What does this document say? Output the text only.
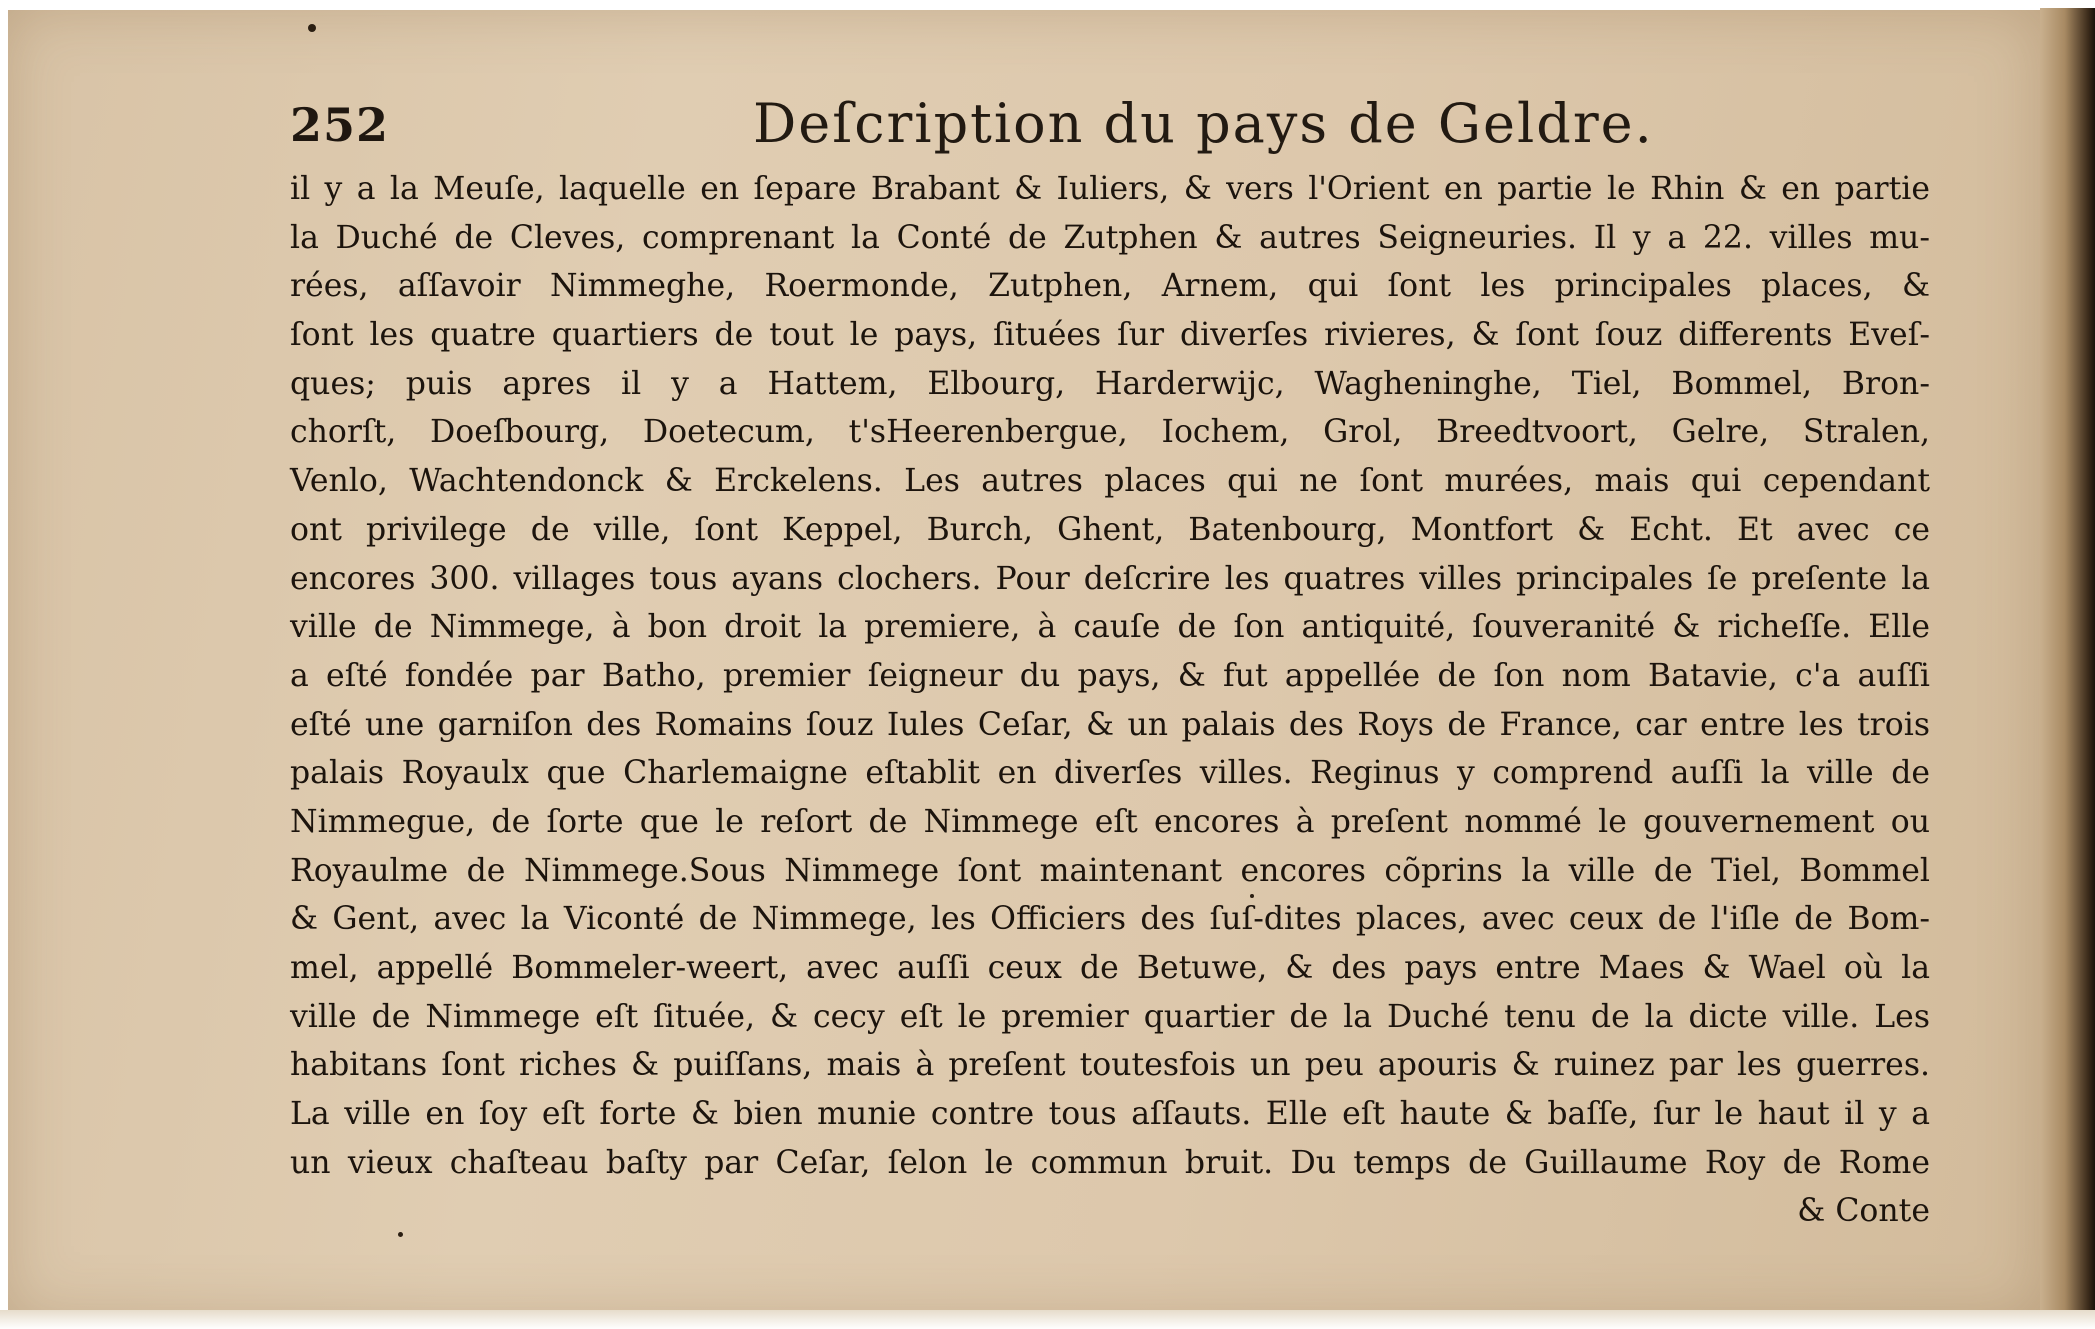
252	Deſcription du pays de Geldre.
il y a la Meuſe, laquelle en ſepare Brabant & Iuliers, & vers l'Orient en partie le Rhin & en partie
la Duché de Cleves, comprenant la Conté de Zutphen & autres Seigneuries. Il y a 22. villes mu-
rées, aſſavoir Nimmeghe, Roermonde, Zutphen, Arnem, qui ſont les principales places, &
ſont les quatre quartiers de tout le pays, ſituées ſur diverſes rivieres, & ſont ſouz differents Eveſ-
ques; puis apres il y a Hattem, Elbourg, Harderwijc, Waghеninghe, Tiel, Bommel, Bron-
chorſt, Doeſbourg, Doetecum, t'sHeerenbergue, Iochem, Grol, Breedtvoort, Gelre, Stralen,
Venlo, Wachtendonck & Erckelens. Les autres places qui ne ſont murées, mais qui cependant
ont privilege de ville, ſont Keppel, Burch, Ghent, Batenbourg, Montfort & Echt. Et avec ce
encores 300. villages tous ayans clochers. Pour deſcrire les quatres villes principales ſe preſente la
ville de Nimmege, à bon droit la premiere, à cauſe de ſon antiquité, ſouveranité & richeſſe. Elle
a eſté fondée par Batho, premier ſeigneur du pays, & fut appellée de ſon nom Batavie, c'a auſſi
eſté une garniſon des Romains ſouz Iules Ceſar, & un palais des Roys de France, car entre les trois
palais Royaulx que Charlemaigne eſtablit en diverſes villes. Reginus y comprend auſſi la ville de
Nimmegue, de ſorte que le reſort de Nimmege eſt encores à preſent nommé le gouvernement ou
Royaulme de Nimmege.Sous Nimmege ſont maintenant encores cõprins la ville de Tiel, Bommel
& Gent, avec la Viconté de Nimmege, les Officiers des ſuſ-dites places, avec ceux de l'iſle de Bom-
mel, appellé Bommeler-weert, avec auſſi ceux de Betuwe, & des pays entre Maes & Wael où la
ville de Nimmege eſt ſituée, & cecy eſt le premier quartier de la Duché tenu de la dicte ville. Les
habitans ſont riches & puiſſans, mais à preſent toutesfois un peu apouris & ruinez par les guerres.
La ville en ſoy eſt forte & bien munie contre tous aſſauts. Elle eſt haute & baſſe, ſur le haut il y a
un vieux chaſteau baſty par Ceſar, ſelon le commun bruit. Du temps de Guillaume Roy de Rome
& Conte
